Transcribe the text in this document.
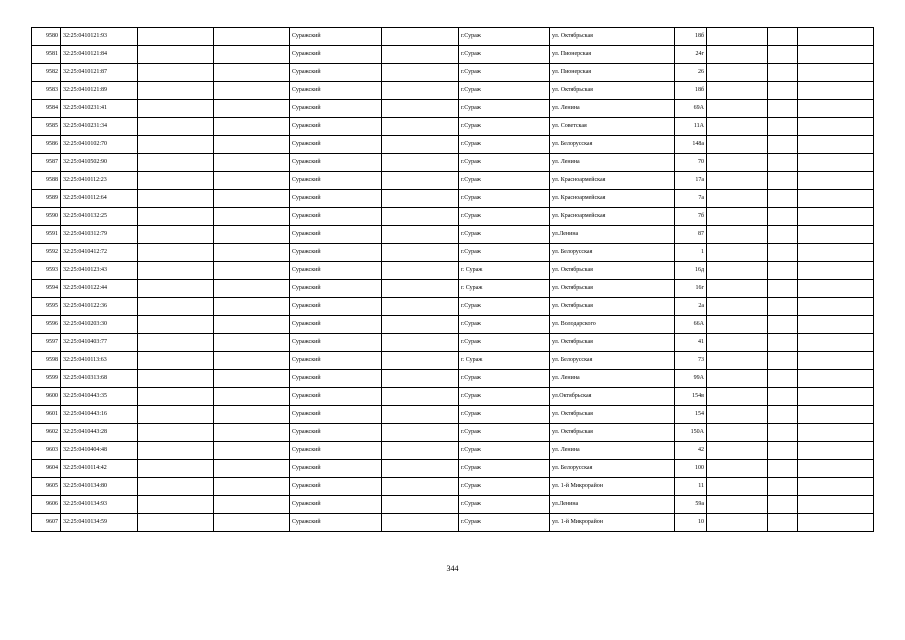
9580	32:25:0410121:93			Суражский		г.Сураж	ул. Октябрьская	18б			
9581	32:25:0410121:84			Суражский		г.Сураж	ул. Пионерская	24г			
9582	32:25:0410121:87			Суражский		г.Сураж	ул. Пионерская	26			
9583	32:25:0410121:89			Суражский		г.Сураж	ул. Октябрьская	18б			
9584	32:25:0410231:41			Суражский		г.Сураж	ул. Ленина	69А			
9585	32:25:0410231:34			Суражский		г.Сураж	ул. Советская	11А			
9586	32:25:0410102:70			Суражский		г.Сураж	ул. Белорусская	148а			
9587	32:25:0410502:90			Суражский		г.Сураж	ул. Ленина	70			
9588	32:25:0410112:23			Суражский		г.Сураж	ул. Красноармейская	17а			
9589	32:25:0410112:64			Суражский		г.Сураж	ул. Красноармейская	7а			
9590	32:25:0410132:25			Суражский		г.Сураж	ул. Красноармейская	7б			
9591	32:25:0410312:79			Суражский		г.Сураж	ул.Ленина	87			
9592	32:25:0410412:72			Суражский		г.Сураж	ул. Белорусская	1			
9593	32:25:0410123:43			Суражский		г. Сураж	ул. Октябрьская	16д			
9594	32:25:0410122:44			Суражский		г. Сураж	ул. Октябрьская	16г			
9595	32:25:0410122:36			Суражский		г.Сураж	ул. Октябрьская	2а			
9596	32:25:0410203:30			Суражский		г.Сураж	ул. Володарского	66А			
9597	32:25:0410403:77			Суражский		г.Сураж	ул. Октябрьская	41			
9598	32:25:0410113:63			Суражский		г. Сураж	ул. Белорусская	73			
9599	32:25:0410313:68			Суражский		г.Сураж	ул. Ленина	99А			
9600	32:25:0410443:35			Суражский		г.Сураж	ул.Октябрьская	154в			
9601	32:25:0410443:16			Суражский		г.Сураж	ул. Октябрьская	154			
9602	32:25:0410443:28			Суражский		г.Сураж	ул. Октябрьская	150А			
9603	32:25:0410404:48			Суражский		г.Сураж	ул. Ленина	42			
9604	32:25:0410114:42			Суражский		г.Сураж	ул. Белорусская	100			
9605	32:25:0410134:80			Суражский		г.Сураж	ул. 1-й Микрорайон	11			
9606	32:25:0410134:93			Суражский		г.Сураж	ул.Ленина	59а			
9607	32:25:0410134:59			Суражский		г.Сураж	ул. 1-й Микрорайон	10			
344
